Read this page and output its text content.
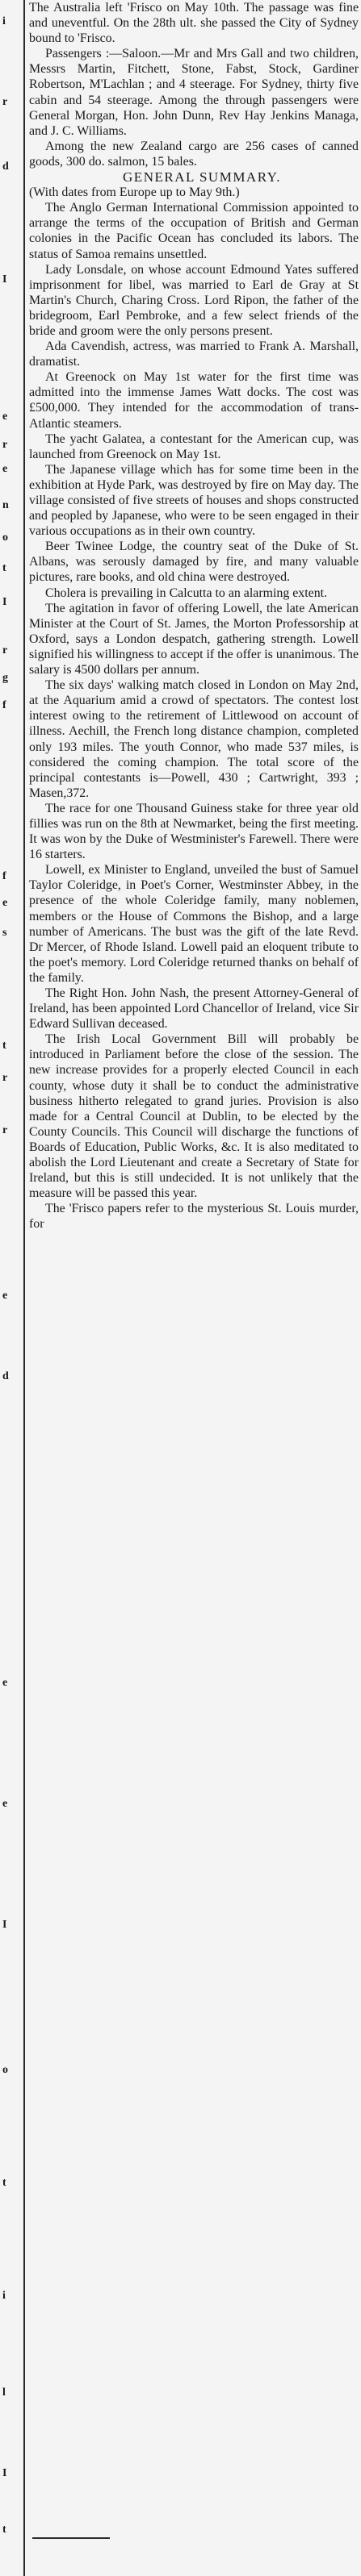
i
r
d
I
e
r
e
n
o
t
I
r
g
f
f
e
s
t
r
r
e
d
e
e
I
o
t
i
l
I
t

The Australia left 'Frisco on May 10th. The passage was fine and uneventful. On the 28th ult. she passed the City of Sydney bound to 'Frisco.

Passengers :—Saloon.—Mr and Mrs Gall and two children, Messrs Martin, Fitchett, Stone, Fabst, Stock, Gardiner Robertson, M'Lachlan ; and 4 steerage. For Sydney, thirty five cabin and 54 steerage. Among the through passengers were General Morgan, Hon. John Dunn, Rev Hay Jenkins Managa, and J. C. Williams.

Among the new Zealand cargo are 256 cases of canned goods, 300 do. salmon, 15 bales.

GENERAL SUMMARY.

(With dates from Europe up to May 9th.)

The Anglo German International Commission appointed to arrange the terms of the occupation of British and German colonies in the Pacific Ocean has concluded its labors. The status of Samoa remains unsettled.

Lady Lonsdale, on whose account Edmound Yates suffered imprisonment for libel, was married to Earl de Gray at St Martin's Church, Charing Cross. Lord Ripon, the father of the bridegroom, Earl Pembroke, and a few select friends of the bride and groom were the only persons present.

Ada Cavendish, actress, was married to Frank A. Marshall, dramatist.

At Greenock on May 1st water for the first time was admitted into the immense James Watt docks. The cost was £500,000. They intended for the accommodation of trans-Atlantic steamers.

The yacht Galatea, a contestant for the American cup, was launched from Greenock on May 1st.

The Japanese village which has for some time been in the exhibition at Hyde Park, was destroyed by fire on May day. The village consisted of five streets of houses and shops constructed and peopled by Japanese, who were to be seen engaged in their various occupations as in their own country.

Beer Twinee Lodge, the country seat of the Duke of St. Albans, was serously damaged by fire, and many valuable pictures, rare books, and old china were destroyed.

Cholera is prevailing in Calcutta to an alarming extent.

The agitation in favor of offering Lowell, the late American Minister at the Court of St. James, the Morton Professorship at Oxford, says a London despatch, gathering strength. Lowell signified his willingness to accept if the offer is unanimous. The salary is 4500 dollars per annum.

The six days' walking match closed in London on May 2nd, at the Aquarium amid a crowd of spectators. The contest lost interest owing to the retirement of Littlewood on account of illness. Aechill, the French long distance champion, completed only 193 miles. The youth Connor, who made 537 miles, is considered the coming champion. The total score of the principal contestants is—Powell, 430 ; Cartwright, 393 ; Masen,372.

The race for one Thousand Guiness stake for three year old fillies was run on the 8th at Newmarket, being the first meeting. It was won by the Duke of Westminister's Farewell. There were 16 starters.

Lowell, ex Minister to England, unveiled the bust of Samuel Taylor Coleridge, in Poet's Corner, Westminster Abbey, in the presence of the whole Coleridge family, many noblemen, members or the House of Commons the Bishop, and a large number of Americans. The bust was the gift of the late Revd. Dr Mercer, of Rhode Island. Lowell paid an eloquent tribute to the poet's memory. Lord Coleridge returned thanks on behalf of the family.

The Right Hon. John Nash, the present Attorney-General of Ireland, has been appointed Lord Chancellor of Ireland, vice Sir Edward Sullivan deceased.

The Irish Local Government Bill will probably be introduced in Parliament before the close of the session. The new increase provides for a properly elected Council in each county, whose duty it shall be to conduct the administrative business hitherto relegated to grand juries. Provision is also made for a Central Council at Dublin, to be elected by the County Councils. This Council will discharge the functions of Boards of Education, Public Works, &c. It is also meditated to abolish the Lord Lieutenant and create a Secretary of State for Ireland, but this is still undecided. It is not unlikely that the measure will be passed this year.

The 'Frisco papers refer to the mysterious St. Louis murder, for
